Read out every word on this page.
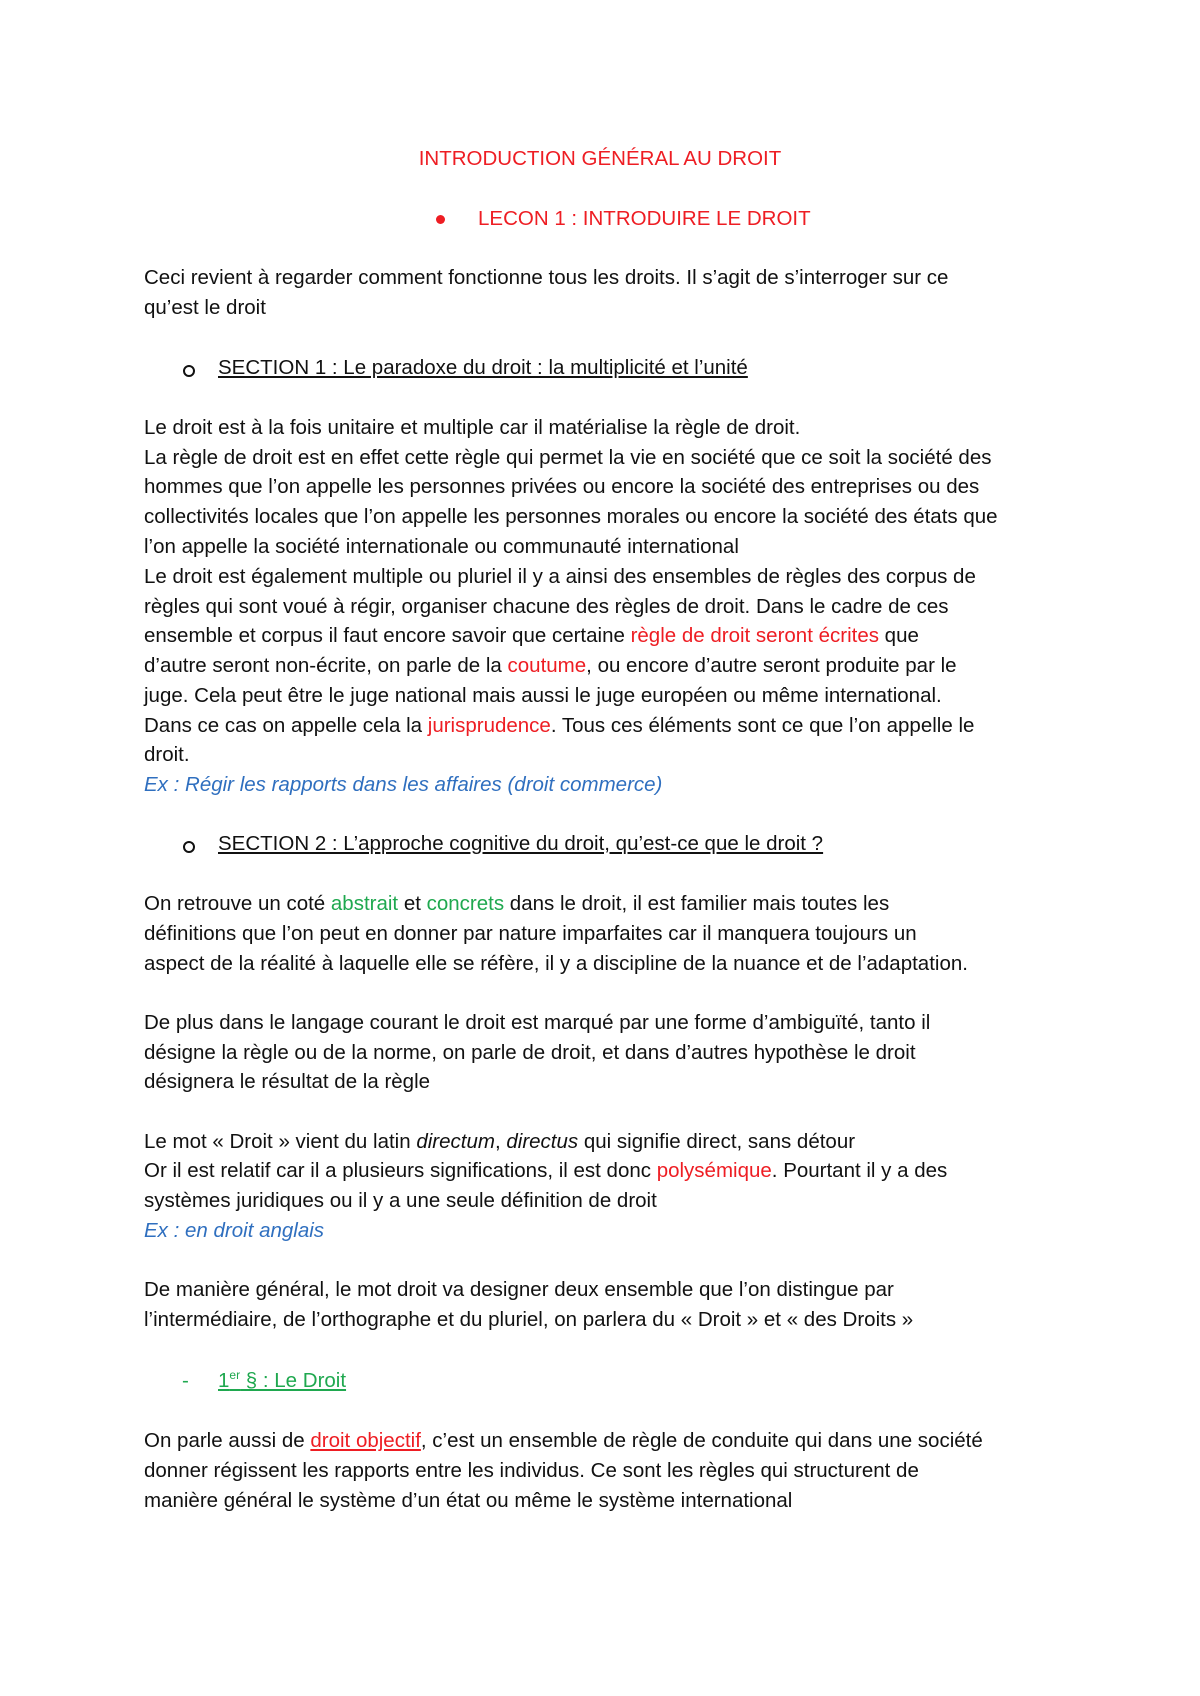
INTRODUCTION GÉNÉRAL AU DROIT
LECON 1 : INTRODUIRE LE DROIT
Ceci revient à regarder comment fonctionne tous les droits. Il s’agit de s’interroger sur ce
qu’est le droit
SECTION 1 : Le paradoxe du droit : la multiplicité et l’unité
Le droit est à la fois unitaire et multiple car il matérialise la règle de droit.
La règle de droit est en effet cette règle qui permet la vie en société que ce soit la société des
hommes que l’on appelle les personnes privées ou encore la société des entreprises ou des
collectivités locales que l’on appelle les personnes morales ou encore la société des états que
l’on appelle la société internationale ou communauté international
Le droit est également multiple ou pluriel il y a ainsi des ensembles de règles des corpus de
règles qui sont voué à régir, organiser chacune des règles de droit. Dans le cadre de ces
ensemble et corpus il faut encore savoir que certaine règle de droit seront écrites que
d’autre seront non-écrite, on parle de la coutume, ou encore d’autre seront produite par le
juge. Cela peut être le juge national mais aussi le juge européen ou même international.
Dans ce cas on appelle cela la jurisprudence. Tous ces éléments sont ce que l’on appelle le
droit.
Ex : Régir les rapports dans les affaires (droit commerce)
SECTION 2 : L’approche cognitive du droit, qu’est-ce que le droit ?
On retrouve un coté abstrait et concrets dans le droit, il est familier mais toutes les
définitions que l’on peut en donner par nature imparfaites car il manquera toujours un
aspect de la réalité à laquelle elle se réfère, il y a discipline de la nuance et de l’adaptation.
De plus dans le langage courant le droit est marqué par une forme d’ambiguïté, tanto il
désigne la règle ou de la norme, on parle de droit, et dans d’autres hypothèse le droit
désignera le résultat de la règle
Le mot « Droit » vient du latin directum, directus qui signifie direct, sans détour
Or il est relatif car il a plusieurs significations, il est donc polysémique. Pourtant il y a des
systèmes juridiques ou il y a une seule définition de droit
Ex : en droit anglais
De manière général, le mot droit va designer deux ensemble que l’on distingue par
l’intermédiaire, de l’orthographe et du pluriel, on parlera du « Droit » et « des Droits »
- 1er § : Le Droit
On parle aussi de droit objectif, c’est un ensemble de règle de conduite qui dans une société
donner régissent les rapports entre les individus. Ce sont les règles qui structurent de
manière général le système d’un état ou même le système international
